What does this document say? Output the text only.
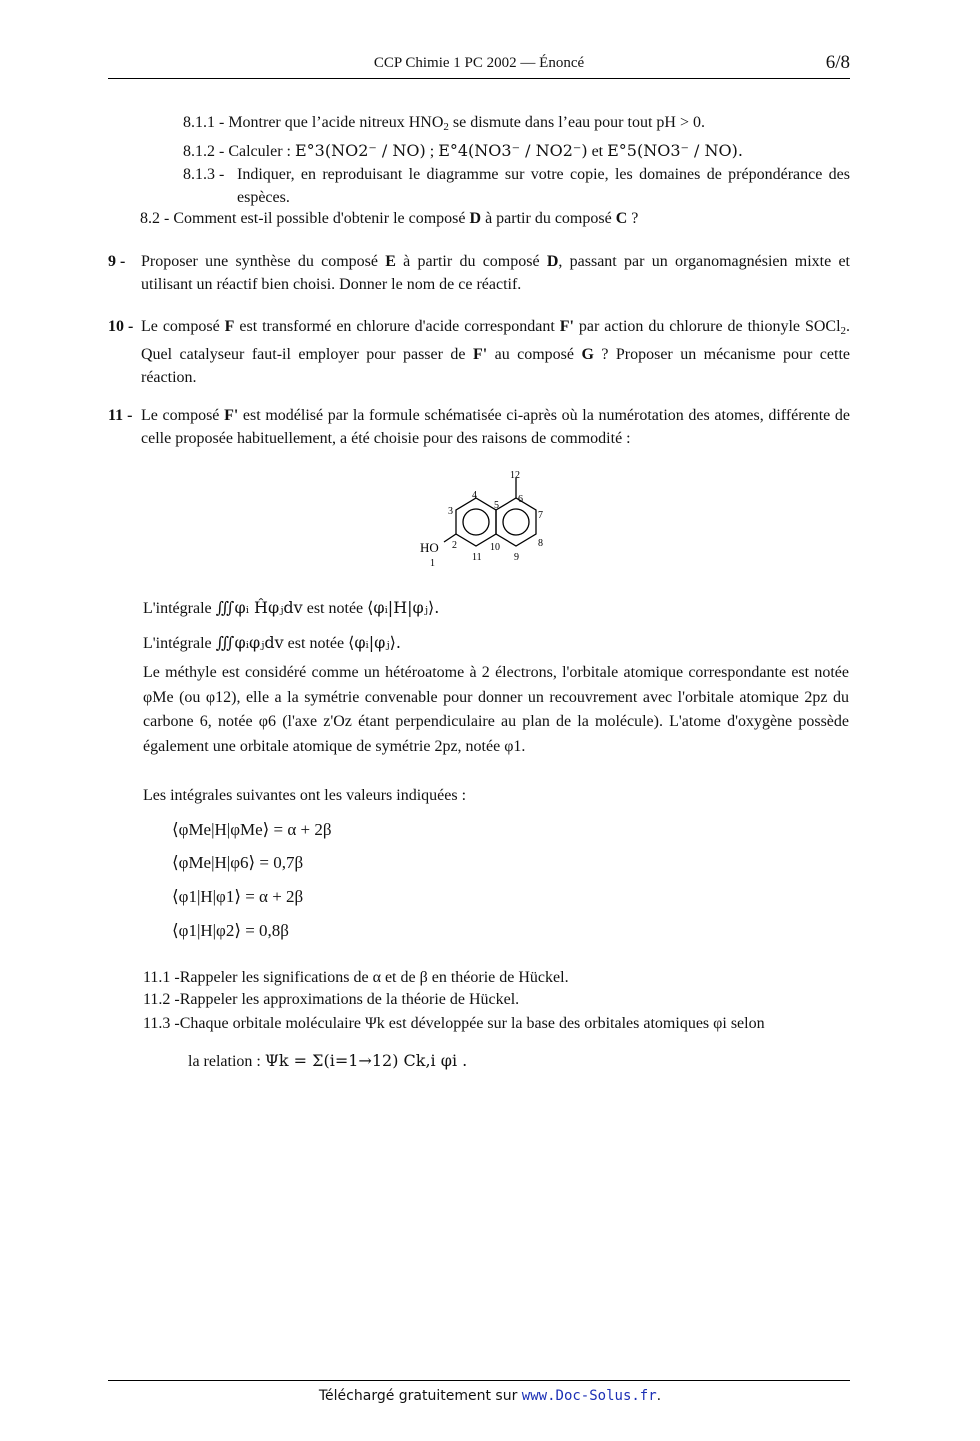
CCP Chimie 1 PC 2002 — Énoncé	6/8
8.1.1 - Montrer que l’acide nitreux $HNO_2$ se dismute dans l’eau pour tout pH > 0.
8.1.2 - Calculer : E°3(NO2⁻ / NO) ; E°4(NO3⁻ / NO2⁻) et E°5(NO3⁻ / NO).
8.1.3 - Indiquer, en reproduisant le diagramme sur votre copie, les domaines de prépondérance des espèces.
8.2 - Comment est-il possible d'obtenir le composé D à partir du composé C ?
9 - Proposer une synthèse du composé E à partir du composé D, passant par un organomagnésien mixte et utilisant un réactif bien choisi. Donner le nom de ce réactif.
10 - Le composé F est transformé en chlorure d'acide correspondant F' par action du chlorure de thionyle SOCl$_2$. Quel catalyseur faut-il employer pour passer de F' au composé G ? Proposer un mécanisme pour cette réaction.
11 - Le composé F' est modélisé par la formule schématisée ci-après où la numérotation des atomes, différente de celle proposée habituellement, a été choisie pour des raisons de commodité :
HO
1
2
3
4
5
6
7
8
9
10
11
12
L'intégrale ∭φᵢ Ĥφⱼdv est notée ⟨φᵢ|H|φⱼ⟩.
L'intégrale ∭φᵢφⱼdv est notée ⟨φᵢ|φⱼ⟩.
Le méthyle est considéré comme un hétéroatome à 2 électrons, l'orbitale atomique correspondante est notée φMe (ou φ12), elle a la symétrie convenable pour donner un recouvrement avec l'orbitale atomique 2pz du carbone 6, notée φ6 (l'axe z'Oz étant perpendiculaire au plan de la molécule). L'atome d'oxygène possède également une orbitale atomique de symétrie 2pz, notée φ1.
Les intégrales suivantes ont les valeurs indiquées :
⟨φMe|H|φMe⟩ = α + 2β
⟨φMe|H|φ6⟩ = 0,7β
⟨φ1|H|φ1⟩ = α + 2β
⟨φ1|H|φ2⟩ = 0,8β
11.1 -Rappeler les significations de α et de β en théorie de Hückel.
11.2 -Rappeler les approximations de la théorie de Hückel.
11.3 -Chaque orbitale moléculaire Ψk est développée sur la base des orbitales atomiques φi selon
la relation : Ψk = Σ(i=1→12) Ck,i φi .
Téléchargé gratuitement sur www.Doc-Solus.fr.
